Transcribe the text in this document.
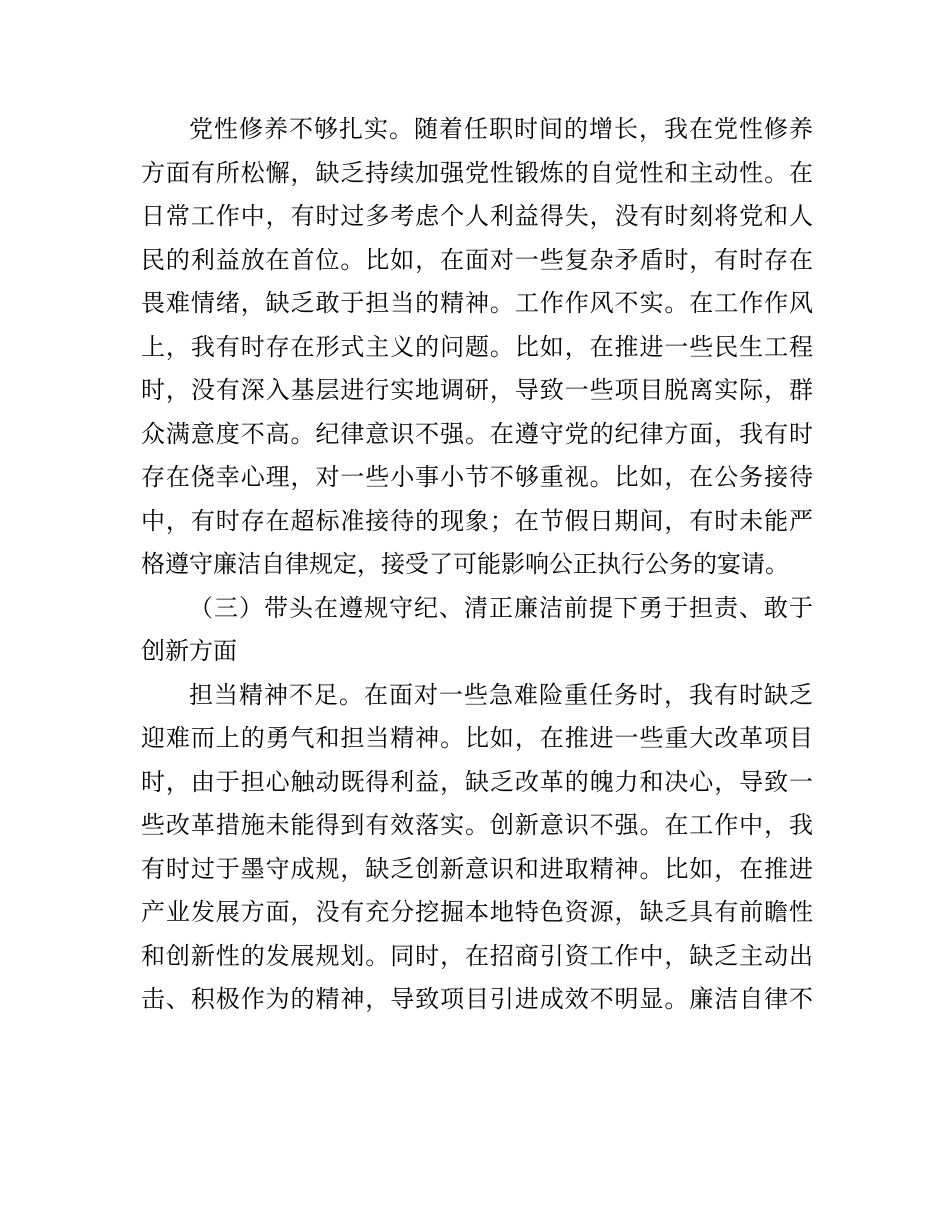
党性修养不够扎实。随着任职时间的增长，我在党性修养
方面有所松懈，缺乏持续加强党性锻炼的自觉性和主动性。在
日常工作中，有时过多考虑个人利益得失，没有时刻将党和人
民的利益放在首位。比如，在面对一些复杂矛盾时，有时存在
畏难情绪，缺乏敢于担当的精神。工作作风不实。在工作作风
上，我有时存在形式主义的问题。比如，在推进一些民生工程
时，没有深入基层进行实地调研，导致一些项目脱离实际，群
众满意度不高。纪律意识不强。在遵守党的纪律方面，我有时
存在侥幸心理，对一些小事小节不够重视。比如，在公务接待
中，有时存在超标准接待的现象；在节假日期间，有时未能严
格遵守廉洁自律规定，接受了可能影响公正执行公务的宴请。
（三）带头在遵规守纪、清正廉洁前提下勇于担责、敢于
创新方面
担当精神不足。在面对一些急难险重任务时，我有时缺乏
迎难而上的勇气和担当精神。比如，在推进一些重大改革项目
时，由于担心触动既得利益，缺乏改革的魄力和决心，导致一
些改革措施未能得到有效落实。创新意识不强。在工作中，我
有时过于墨守成规，缺乏创新意识和进取精神。比如，在推进
产业发展方面，没有充分挖掘本地特色资源，缺乏具有前瞻性
和创新性的发展规划。同时，在招商引资工作中，缺乏主动出
击、积极作为的精神，导致项目引进成效不明显。廉洁自律不
